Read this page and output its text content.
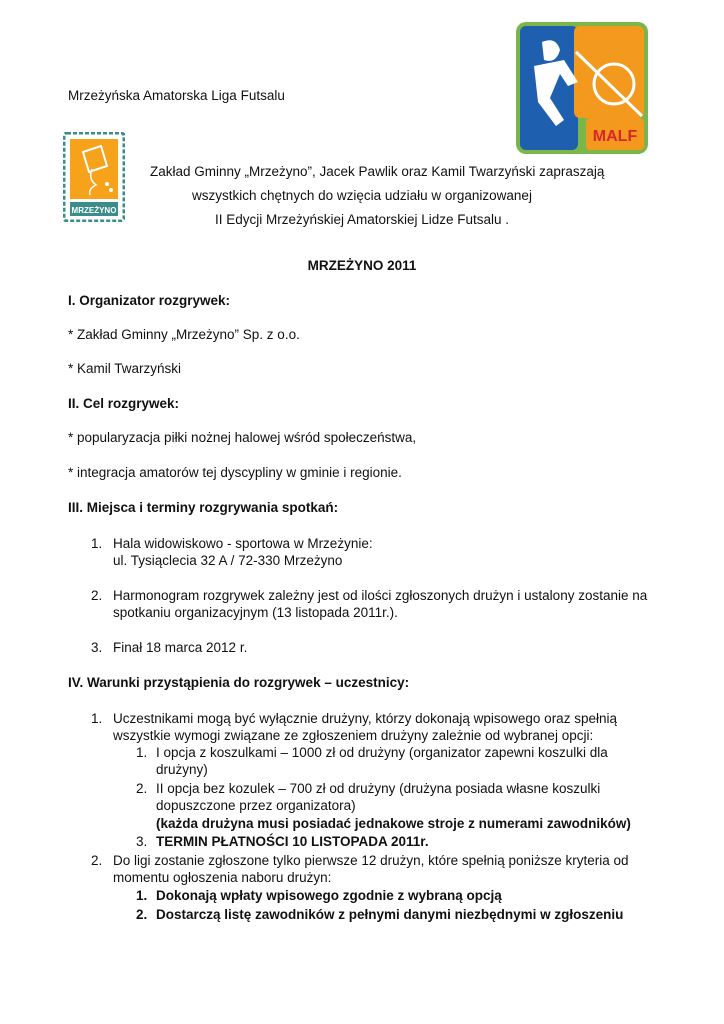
MALF
MRZEŻYNO
Mrzeżyńska Amatorska Liga Futsalu
Zakład Gminny „Mrzeżyno”, Jacek Pawlik oraz Kamil Twarzyński zapraszają
wszystkich chętnych do wzięcia udziału w organizowanej
II Edycji Mrzeżyńskiej Amatorskiej Lidze Futsalu .
MRZEŻYNO 2011
I. Organizator rozgrywek:
* Zakład Gminny „Mrzeżyno” Sp. z o.o.
* Kamil Twarzyński
II. Cel rozgrywek:
* popularyzacja piłki nożnej halowej wśród społeczeństwa,
* integracja amatorów tej dyscypliny w gminie i regionie.
III. Miejsca i terminy rozgrywania spotkań:
1. Hala widowiskowo - sportowa w Mrzeżynie:
ul. Tysiąclecia 32 A / 72-330 Mrzeżyno
2. Harmonogram rozgrywek zależny jest od ilości zgłoszonych drużyn i ustalony zostanie na
spotkaniu organizacyjnym (13 listopada 2011r.).
3. Finał 18 marca 2012 r.
IV. Warunki przystąpienia do rozgrywek – uczestnicy:
1. Uczestnikami mogą być wyłącznie drużyny, którzy dokonają wpisowego oraz spełnią
wszystkie wymogi związane ze zgłoszeniem drużyny zależnie od wybranej opcji:
1. I opcja z koszulkami – 1000 zł od drużyny (organizator zapewni koszulki dla
drużyny)
2. II opcja bez kozulek – 700 zł od drużyny (drużyna posiada własne koszulki
dopuszczone przez organizatora)
(każda drużyna musi posiadać jednakowe stroje z numerami zawodników)
3. TERMIN PŁATNOŚCI 10 LISTOPADA 2011r.
2. Do ligi zostanie zgłoszone tylko pierwsze 12 drużyn, które spełnią poniższe kryteria od
momentu ogłoszenia naboru drużyn:
1. Dokonają wpłaty wpisowego zgodnie z wybraną opcją
2. Dostarczą listę zawodników z pełnymi danymi niezbędnymi w zgłoszeniu
